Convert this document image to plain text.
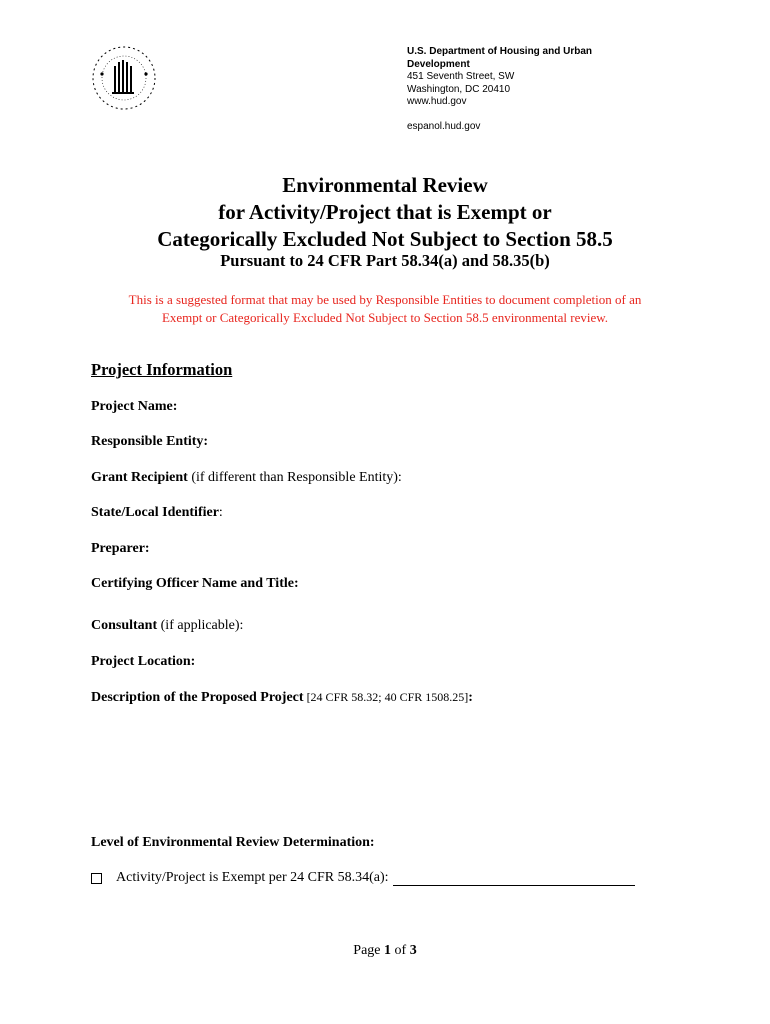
U.S. Department of Housing and Urban
Development
451 Seventh Street, SW
Washington, DC 20410
www.hud.gov
espanol.hud.gov
Environmental Review
for Activity/Project that is Exempt or
Categorically Excluded Not Subject to Section 58.5
Pursuant to 24 CFR Part 58.34(a) and 58.35(b)
This is a suggested format that may be used by Responsible Entities to document completion of an
Exempt or Categorically Excluded Not Subject to Section 58.5 environmental review.
Project Information
Project Name:
Responsible Entity:
Grant Recipient (if different than Responsible Entity):
State/Local Identifier:
Preparer:
Certifying Officer Name and Title:
Consultant (if applicable):
Project Location:
Description of the Proposed Project [24 CFR 58.32; 40 CFR 1508.25]:
Level of Environmental Review Determination:
Activity/Project is Exempt per 24 CFR 58.34(a):
Page 1 of 3
